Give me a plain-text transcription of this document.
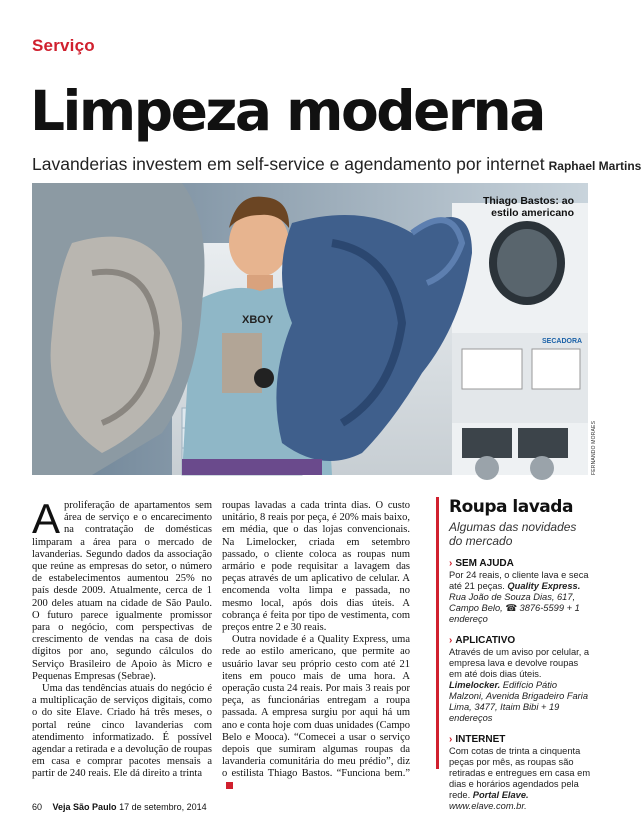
Serviço
Limpeza moderna
Lavanderias investem em self-service e agendamento por internet Raphael Martins
SECADORA
XBOY
Thiago Bastos: ao
estilo americano
FERNANDO MORAES

Aproliferação de apartamentos sem área de serviço e o encarecimento na contratação de domésticas limparam a área para o mercado de lavanderias. Segundo dados da associação que reúne as empresas do setor, o número de estabelecimentos aumentou 25% no país desde 2009. Atualmente, cerca de 1 200 deles atuam na cidade de São Paulo. O futuro parece igualmente promissor para o negócio, com perspectivas de crescimento de vendas na casa de dois dígitos por ano, segundo cálculos do Serviço Brasileiro de Apoio às Micro e Pequenas Empresas (Sebrae).

Uma das tendências atuais do negócio é a multiplicação de serviços digitais, como o do site Elave. Criado há três meses, o portal reúne cinco lavanderias com atendimento informatizado. É possível agendar a retirada e a devolução de roupas em casa e comprar pacotes mensais a partir de 240 reais. Ele dá direito a trinta

roupas lavadas a cada trinta dias. O custo unitário, 8 reais por peça, é 20% mais baixo, em média, que o das lojas convencionais. Na Limelocker, criada em setembro passado, o cliente coloca as roupas num armário e pode requisitar a lavagem das peças através de um aplicativo de celular. A encomenda volta limpa e passada, no mesmo local, após dois dias úteis. A cobrança é feita por tipo de vestimenta, com preços entre 2 e 30 reais.

Outra novidade é a Quality Express, uma rede ao estilo americano, que permite ao usuário lavar seu próprio cesto com até 21 itens em pouco mais de uma hora. A operação custa 24 reais. Por mais 3 reais por peça, as funcionárias entregam a roupa passada. A empresa surgiu por aqui há um ano e conta hoje com duas unidades (Campo Belo e Mooca). “Comecei a usar o serviço depois que sumiram algumas roupas da lavanderia comunitária do meu prédio”, diz o estilista Thiago Bastos. “Funciona bem.”

Roupa lavada
Algumas das novidades do mercado
› SEM AJUDA
Por 24 reais, o cliente lava e seca até 21 peças. Quality Express. Rua João de Souza Dias, 617, Campo Belo, ☎ 3876-5599 + 1 endereço
› APLICATIVO
Através de um aviso por celular, a empresa lava e devolve roupas em até dois dias úteis. Limelocker. Edifício Pátio Malzoni, Avenida Brigadeiro Faria Lima, 3477, Itaim Bibi + 19 endereços
› INTERNET
Com cotas de trinta a cinquenta peças por mês, as roupas são retiradas e entregues em casa em dias e horários agendados pela rede. Portal Elave. www.elave.com.br.
60 Veja São Paulo 17 de setembro, 2014
